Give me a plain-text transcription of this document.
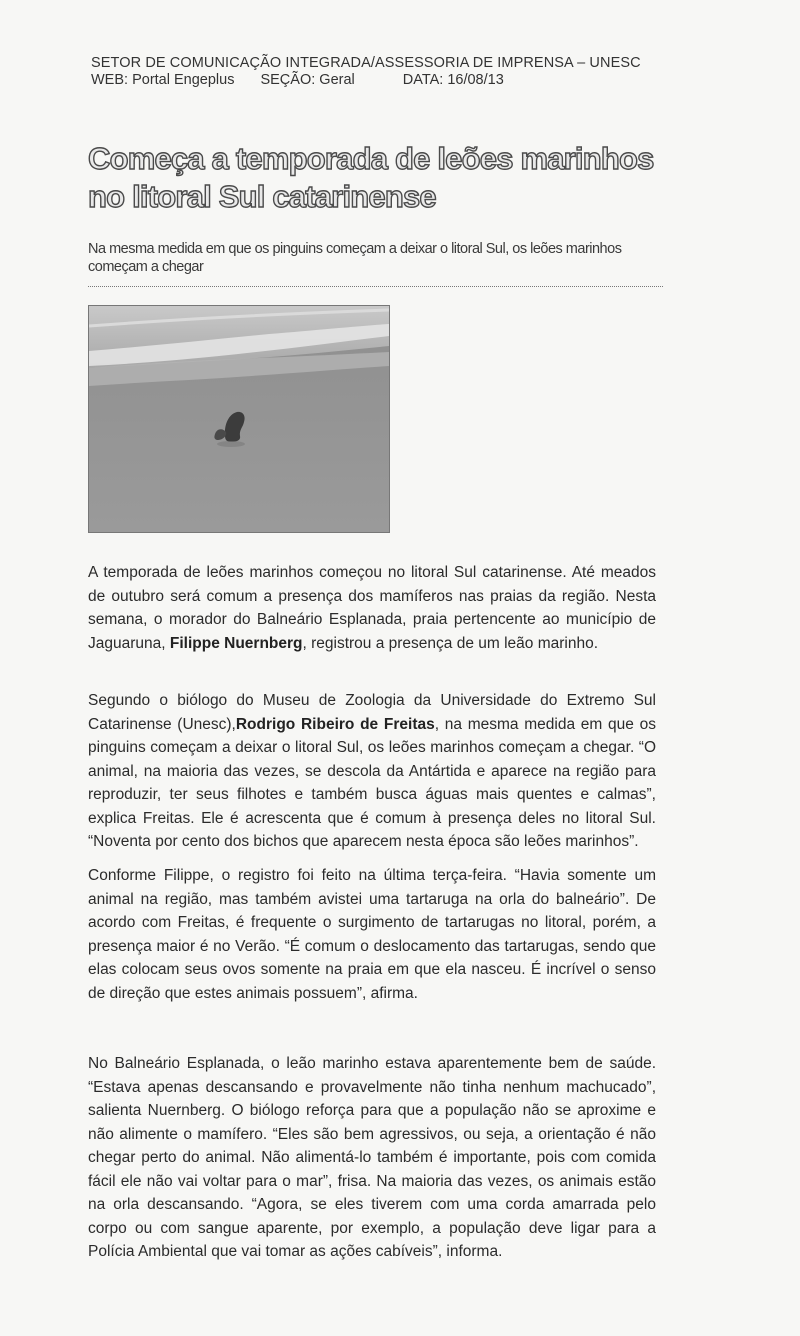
SETOR DE COMUNICAÇÃO INTEGRADA/ASSESSORIA DE IMPRENSA – UNESC
WEB: Portal Engeplus SEÇÃO: Geral	DATA: 16/08/13
Começa a temporada de leões marinhos no litoral Sul catarinense

Na mesma medida em que os pinguins começam a deixar o litoral Sul, os leões marinhos começam a chegar

A temporada de leões marinhos começou no litoral Sul catarinense. Até meados de outubro será comum a presença dos mamíferos nas praias da região. Nesta semana, o morador do Balneário Esplanada, praia pertencente ao município de Jaguaruna, Filippe Nuernberg, registrou a presença de um leão marinho.

Segundo o biólogo do Museu de Zoologia da Universidade do Extremo Sul Catarinense (Unesc),Rodrigo Ribeiro de Freitas, na mesma medida em que os pinguins começam a deixar o litoral Sul, os leões marinhos começam a chegar. “O animal, na maioria das vezes, se descola da Antártida e aparece na região para reproduzir, ter seus filhotes e também busca águas mais quentes e calmas”, explica Freitas. Ele é acrescenta que é comum à presença deles no litoral Sul. “Noventa por cento dos bichos que aparecem nesta época são leões marinhos”.

Conforme Filippe, o registro foi feito na última terça-feira. “Havia somente um animal na região, mas também avistei uma tartaruga na orla do balneário”. De acordo com Freitas, é frequente o surgimento de tartarugas no litoral, porém, a presença maior é no Verão. “É comum o deslocamento das tartarugas, sendo que elas colocam seus ovos somente na praia em que ela nasceu. É incrível o senso de direção que estes animais possuem”, afirma.

No Balneário Esplanada, o leão marinho estava aparentemente bem de saúde. “Estava apenas descansando e provavelmente não tinha nenhum machucado”, salienta Nuernberg. O biólogo reforça para que a população não se aproxime e não alimente o mamífero. “Eles são bem agressivos, ou seja, a orientação é não chegar perto do animal. Não alimentá-lo também é importante, pois com comida fácil ele não vai voltar para o mar”, frisa. Na maioria das vezes, os animais estão na orla descansando. “Agora, se eles tiverem com uma corda amarrada pelo corpo ou com sangue aparente, por exemplo, a população deve ligar para a Polícia Ambiental que vai tomar as ações cabíveis”, informa.
